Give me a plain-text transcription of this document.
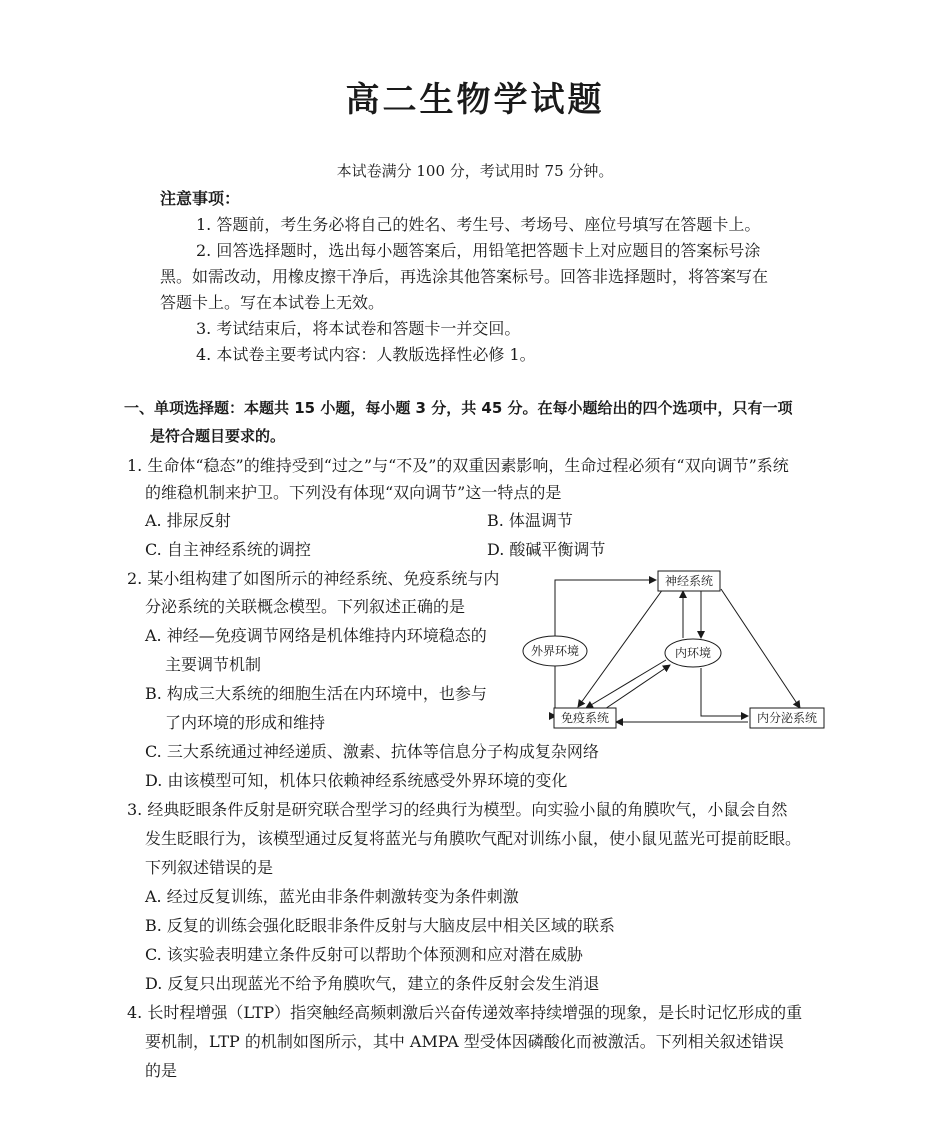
高二生物学试题
本试卷满分 100 分，考试用时 75 分钟。
注意事项：
1. 答题前，考生务必将自己的姓名、考生号、考场号、座位号填写在答题卡上。
2. 回答选择题时，选出每小题答案后，用铅笔把答题卡上对应题目的答案标号涂
黑。如需改动，用橡皮擦干净后，再选涂其他答案标号。回答非选择题时，将答案写在
答题卡上。写在本试卷上无效。
3. 考试结束后，将本试卷和答题卡一并交回。
4. 本试卷主要考试内容：人教版选择性必修 1。
一、单项选择题：本题共 15 小题，每小题 3 分，共 45 分。在每小题给出的四个选项中，只有一项
是符合题目要求的。
1. 生命体“稳态”的维持受到“过之”与“不及”的双重因素影响，生命过程必须有“双向调节”系统
的维稳机制来护卫。下列没有体现“双向调节”这一特点的是
A. 排尿反射	B. 体温调节
C. 自主神经系统的调控	D. 酸碱平衡调节
2. 某小组构建了如图所示的神经系统、免疫系统与内
分泌系统的关联概念模型。下列叙述正确的是
A. 神经—免疫调节网络是机体维持内环境稳态的
主要调节机制
B. 构成三大系统的细胞生活在内环境中，也参与
了内环境的形成和维持
C. 三大系统通过神经递质、激素、抗体等信息分子构成复杂网络
D. 由该模型可知，机体只依赖神经系统感受外界环境的变化
神经系统
外界环境	内环境
免疫系统	内分泌系统
3. 经典眨眼条件反射是研究联合型学习的经典行为模型。向实验小鼠的角膜吹气，小鼠会自然
发生眨眼行为，该模型通过反复将蓝光与角膜吹气配对训练小鼠，使小鼠见蓝光可提前眨眼。
下列叙述错误的是
A. 经过反复训练，蓝光由非条件刺激转变为条件刺激
B. 反复的训练会强化眨眼非条件反射与大脑皮层中相关区域的联系
C. 该实验表明建立条件反射可以帮助个体预测和应对潜在威胁
D. 反复只出现蓝光不给予角膜吹气，建立的条件反射会发生消退
4. 长时程增强（LTP）指突触经高频刺激后兴奋传递效率持续增强的现象，是长时记忆形成的重
要机制，LTP 的机制如图所示，其中 AMPA 型受体因磷酸化而被激活。下列相关叙述错误
的是
